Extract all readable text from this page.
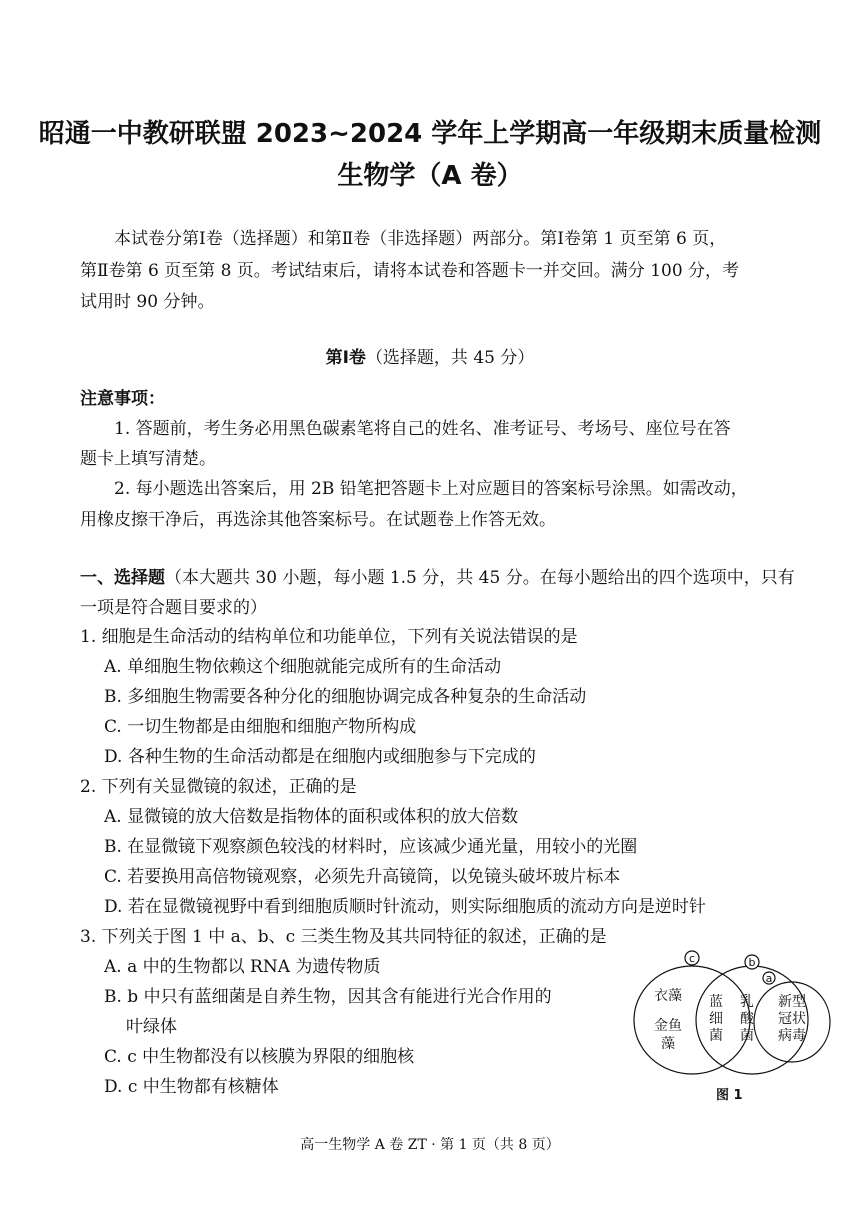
昭通一中教研联盟 2023~2024 学年上学期高一年级期末质量检测
生物学（A 卷）
本试卷分第Ⅰ卷（选择题）和第Ⅱ卷（非选择题）两部分。第Ⅰ卷第 1 页至第 6 页，
第Ⅱ卷第 6 页至第 8 页。考试结束后，请将本试卷和答题卡一并交回。满分 100 分，考
试用时 90 分钟。
第Ⅰ卷（选择题，共 45 分）
注意事项：
1. 答题前，考生务必用黑色碳素笔将自己的姓名、准考证号、考场号、座位号在答
题卡上填写清楚。
2. 每小题选出答案后，用 2B 铅笔把答题卡上对应题目的答案标号涂黑。如需改动，
用橡皮擦干净后，再选涂其他答案标号。在试题卷上作答无效。
一、选择题（本大题共 30 小题，每小题 1.5 分，共 45 分。在每小题给出的四个选项中，只有
一项是符合题目要求的）
1. 细胞是生命活动的结构单位和功能单位，下列有关说法错误的是
A. 单细胞生物依赖这个细胞就能完成所有的生命活动
B. 多细胞生物需要各种分化的细胞协调完成各种复杂的生命活动
C. 一切生物都是由细胞和细胞产物所构成
D. 各种生物的生命活动都是在细胞内或细胞参与下完成的
2. 下列有关显微镜的叙述，正确的是
A. 显微镜的放大倍数是指物体的面积或体积的放大倍数
B. 在显微镜下观察颜色较浅的材料时，应该减少通光量，用较小的光圈
C. 若要换用高倍物镜观察，必须先升高镜筒，以免镜头破坏玻片标本
D. 若在显微镜视野中看到细胞质顺时针流动，则实际细胞质的流动方向是逆时针
3. 下列关于图 1 中 a、b、c 三类生物及其共同特征的叙述，正确的是
A. a 中的生物都以 RNA 为遗传物质
B. b 中只有蓝细菌是自养生物，因其含有能进行光合作用的
叶绿体
C. c 中生物都没有以核膜为界限的细胞核
D. c 中生物都有核糖体
c	b
a
衣藻
金鱼
藻
蓝
细
菌
乳
酸
菌
新型
冠状
病毒
图 1
高一生物学 A 卷 ZT · 第 1 页（共 8 页）
